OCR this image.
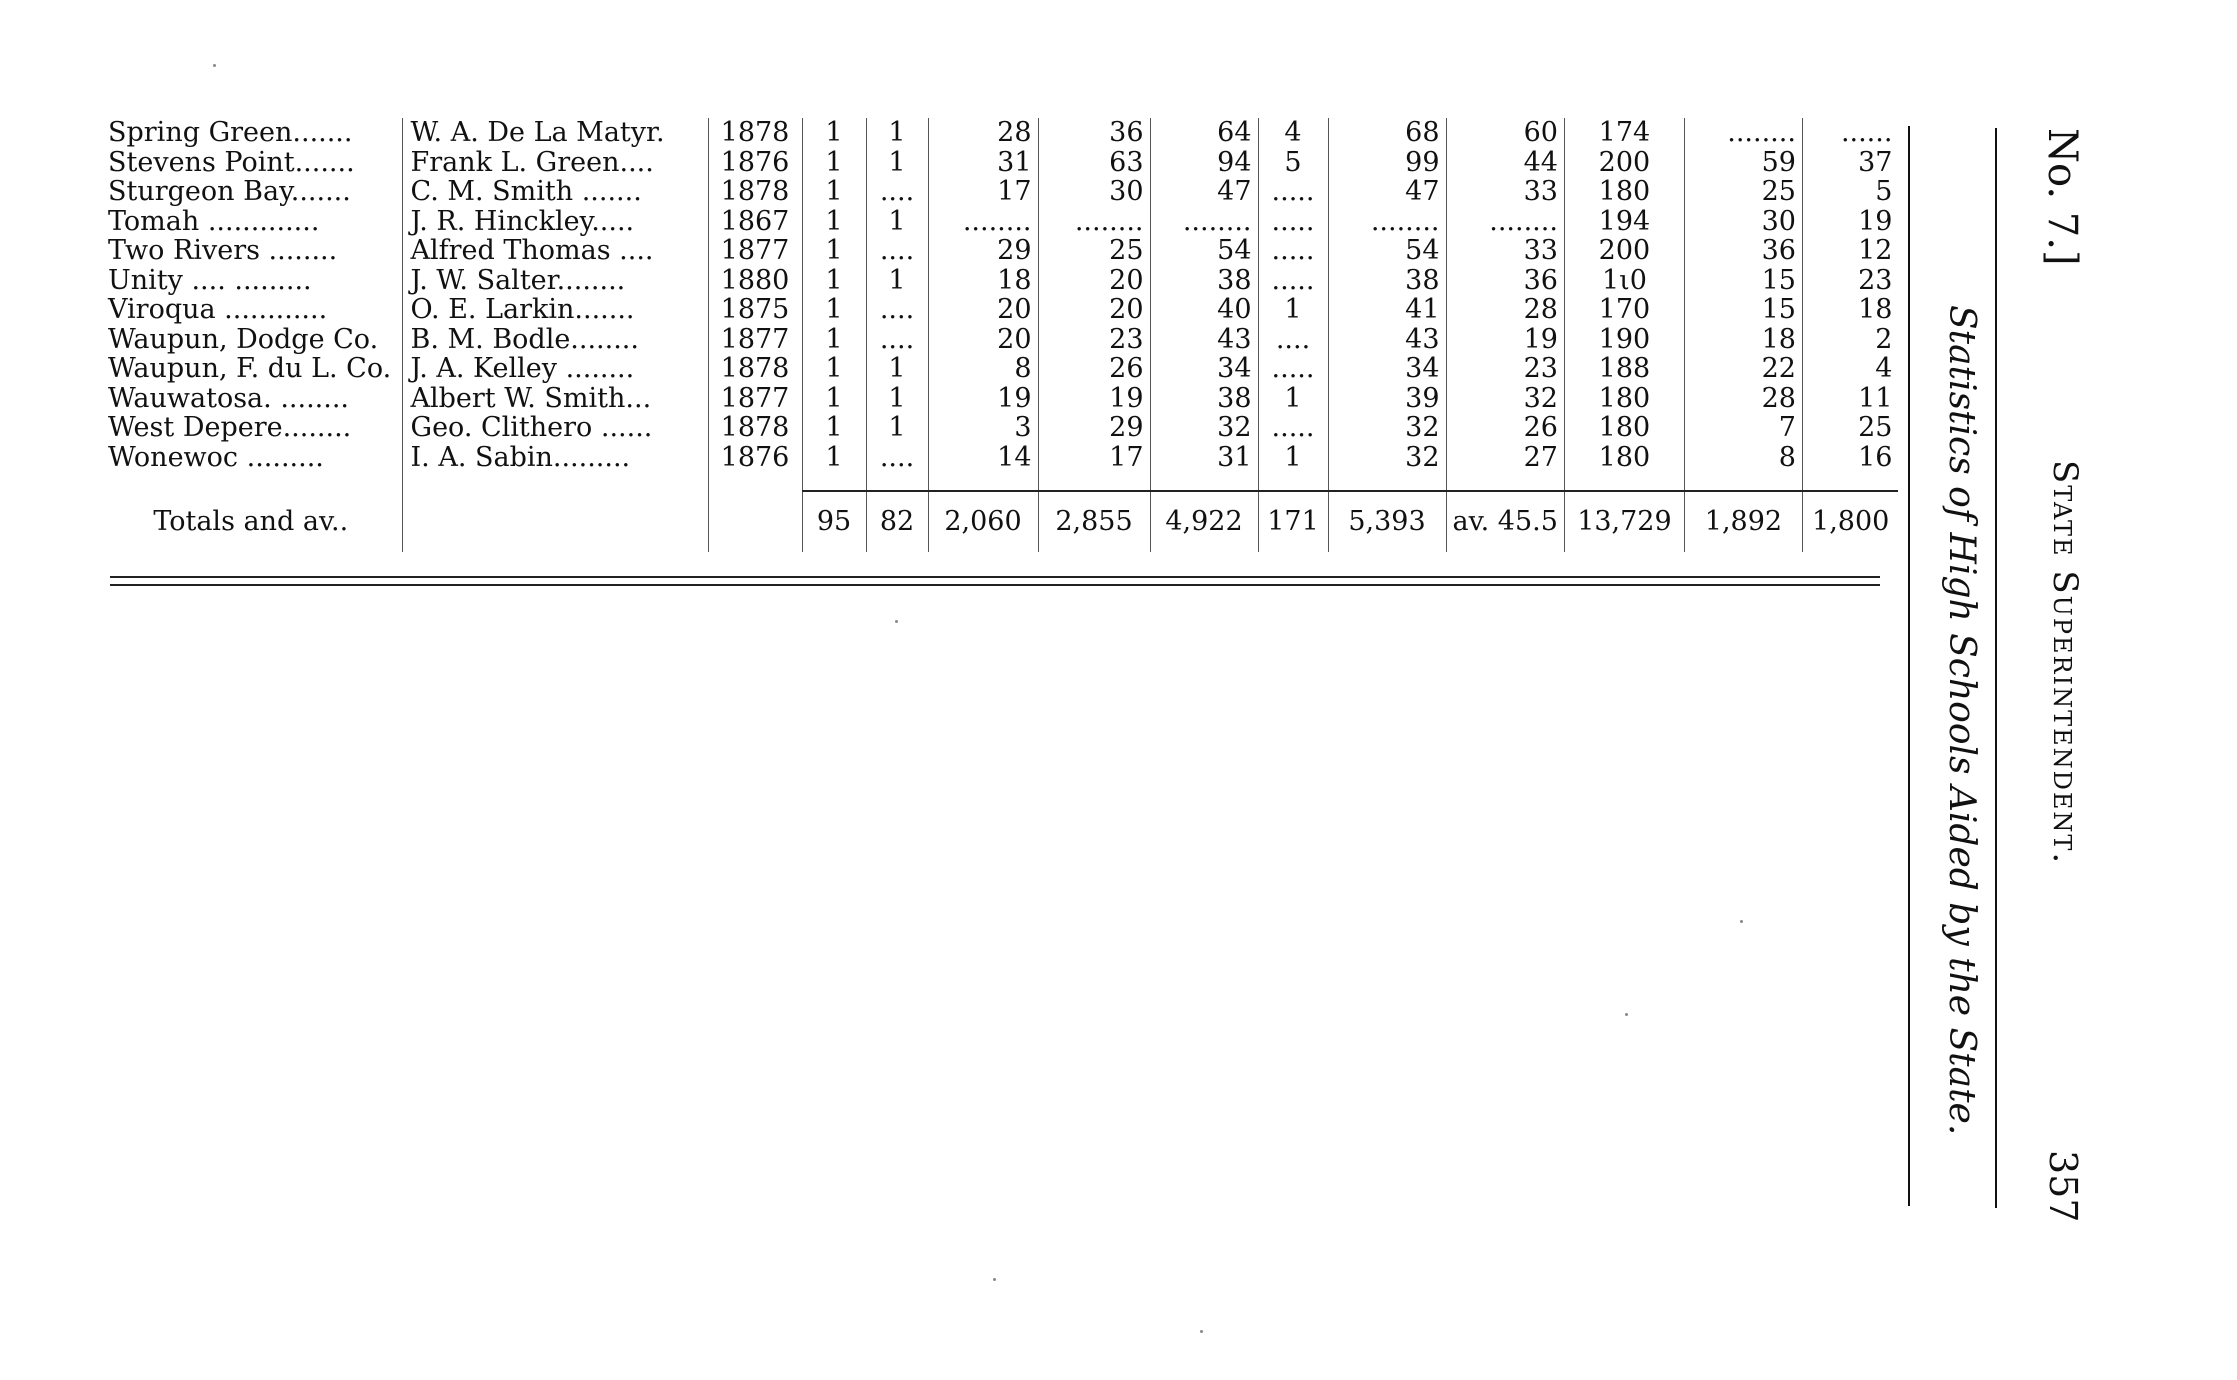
Spring Green.......	W. A. De La Matyr.	1878	1	1	28	36	64	4	68	60	174	........	......
Stevens Point.......	Frank L. Green....	1876	1	1	31	63	94	5	99	44	200	59	37
Sturgeon Bay.......	C. M. Smith .......	1878	1	....	17	30	47	.....	47	33	180	25	5
Tomah .............	J. R. Hinckley.....	1867	1	1	........	........	........	.....	........	........	194	30	19
Two Rivers ........	Alfred Thomas ....	1877	1	....	29	25	54	.....	54	33	200	36	12
Unity .... .........	J. W. Salter........	1880	1	1	18	20	38	.....	38	36	1ι0	15	23
Viroqua ............	O. E. Larkin.......	1875	1	....	20	20	40	1	41	28	170	15	18
Waupun, Dodge Co.	B. M. Bodle........	1877	1	....	20	23	43	....	43	19	190	18	2
Waupun, F. du L. Co.	J. A. Kelley ........	1878	1	1	8	26	34	.....	34	23	188	22	4
Wauwatosa. ........	Albert W. Smith...	1877	1	1	19	19	38	1	39	32	180	28	11
West Depere........	Geo. Clithero ......	1878	1	1	3	29	32	.....	32	26	180	7	25
Wonewoc .........	I. A. Sabin.........	1876	1	....	14	17	31	1	32	27	180	8	16

Totals and av..			95	82	2,060	2,855	4,922	171	5,393	av. 45.5	13,729	1,892	1,800
No. 7.]
State Superintendent.
357
Statistics of High Schools Aided by the State.
